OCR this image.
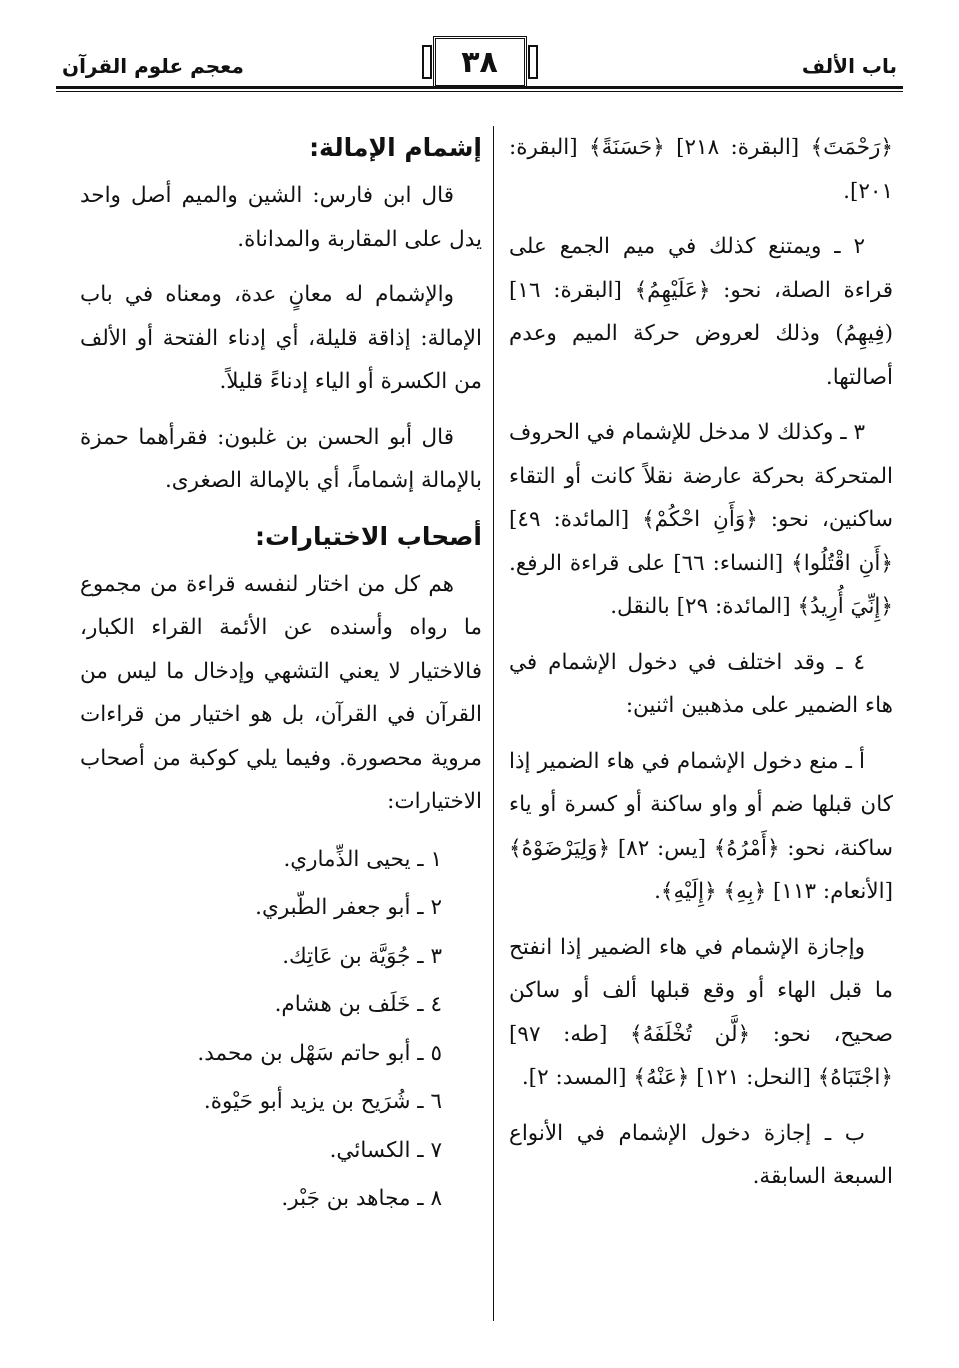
باب الألف
٣٨
معجم علوم القرآن

﴿رَحْمَتَ﴾ [البقرة: ٢١٨] ﴿حَسَنَةً﴾ [البقرة: ٢٠١].

٢ ـ ويمتنع كذلك في ميم الجمع على قراءة الصلة، نحو: ﴿عَلَيْهِمُ﴾ [البقرة: ١٦] (فِيهِمُ) وذلك لعروض حركة الميم وعدم أصالتها.

٣ ـ وكذلك لا مدخل للإشمام في الحروف المتحركة بحركة عارضة نقلاً كانت أو التقاء ساكنين، نحو: ﴿وَأَنِ احْكُمْ﴾ [المائدة: ٤٩] ﴿أَنِ اقْتُلُوا﴾ [النساء: ٦٦] على قراءة الرفع. ﴿إِنِّيَ أُرِيدُ﴾ [المائدة: ٢٩] بالنقل.

٤ ـ وقد اختلف في دخول الإشمام في هاء الضمير على مذهبين اثنين:

أ ـ منع دخول الإشمام في هاء الضمير إذا كان قبلها ضم أو واو ساكنة أو كسرة أو ياء ساكنة، نحو: ﴿أَمْرُهُ﴾ [يس: ٨٢] ﴿وَلِيَرْضَوْهُ﴾ [الأنعام: ١١٣] ﴿بِهِ﴾ ﴿إِلَيْهِ﴾.

وإجازة الإشمام في هاء الضمير إذا انفتح ما قبل الهاء أو وقع قبلها ألف أو ساكن صحيح، نحو: ﴿لَّن تُخْلَفَهُ﴾ [طه: ٩٧] ﴿اجْتَبَاهُ﴾ [النحل: ١٢١] ﴿عَنْهُ﴾ [المسد: ٢].

ب ـ إجازة دخول الإشمام في الأنواع السبعة السابقة.

إشمام الإمالة:

قال ابن فارس: الشين والميم أصل واحد يدل على المقاربة والمداناة.

والإشمام له معانٍ عدة، ومعناه في باب الإمالة: إذاقة قليلة، أي إدناء الفتحة أو الألف من الكسرة أو الياء إدناءً قليلاً.

قال أبو الحسن بن غلبون: فقرأهما حمزة بالإمالة إشماماً، أي بالإمالة الصغرى.

أصحاب الاختيارات:

هم كل من اختار لنفسه قراءة من مجموع ما رواه وأسنده عن الأئمة القراء الكبار، فالاختيار لا يعني التشهي وإدخال ما ليس من القرآن في القرآن، بل هو اختيار من قراءات مروية محصورة. وفيما يلي كوكبة من أصحاب الاختيارات:

١ ـ يحيى الذِّماري.
٢ ـ أبو جعفر الطّبري.
٣ ـ جُوَيَّة بن عَاتِك.
٤ ـ خَلَف بن هشام.
٥ ـ أبو حاتم سَهْل بن محمد.
٦ ـ شُرَيح بن يزيد أبو حَيْوة.
٧ ـ الكسائي.
٨ ـ مجاهد بن جَبْر.
